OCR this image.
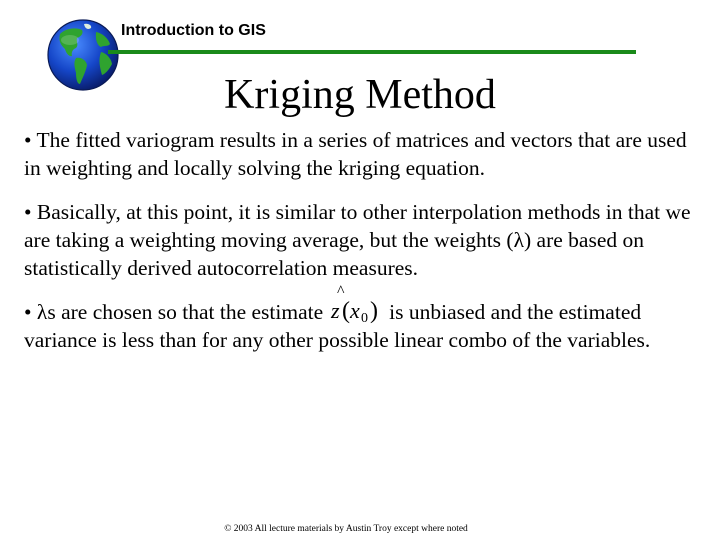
Introduction to GIS
Kriging Method
• The fitted variogram results in a series of matrices and vectors that are used in weighting and locally solving the kriging equation.
• Basically, at this point, it is similar to other interpolation methods in that we are taking a weighting moving average, but the weights (λ) are based on statistically derived autocorrelation measures.
• λs are chosen so that the estimate
^
z ( x 0 ) is unbiased and the estimated variance is less than for any other possible linear combo of the variables.
© 2003 All lecture materials by Austin Troy except where noted
